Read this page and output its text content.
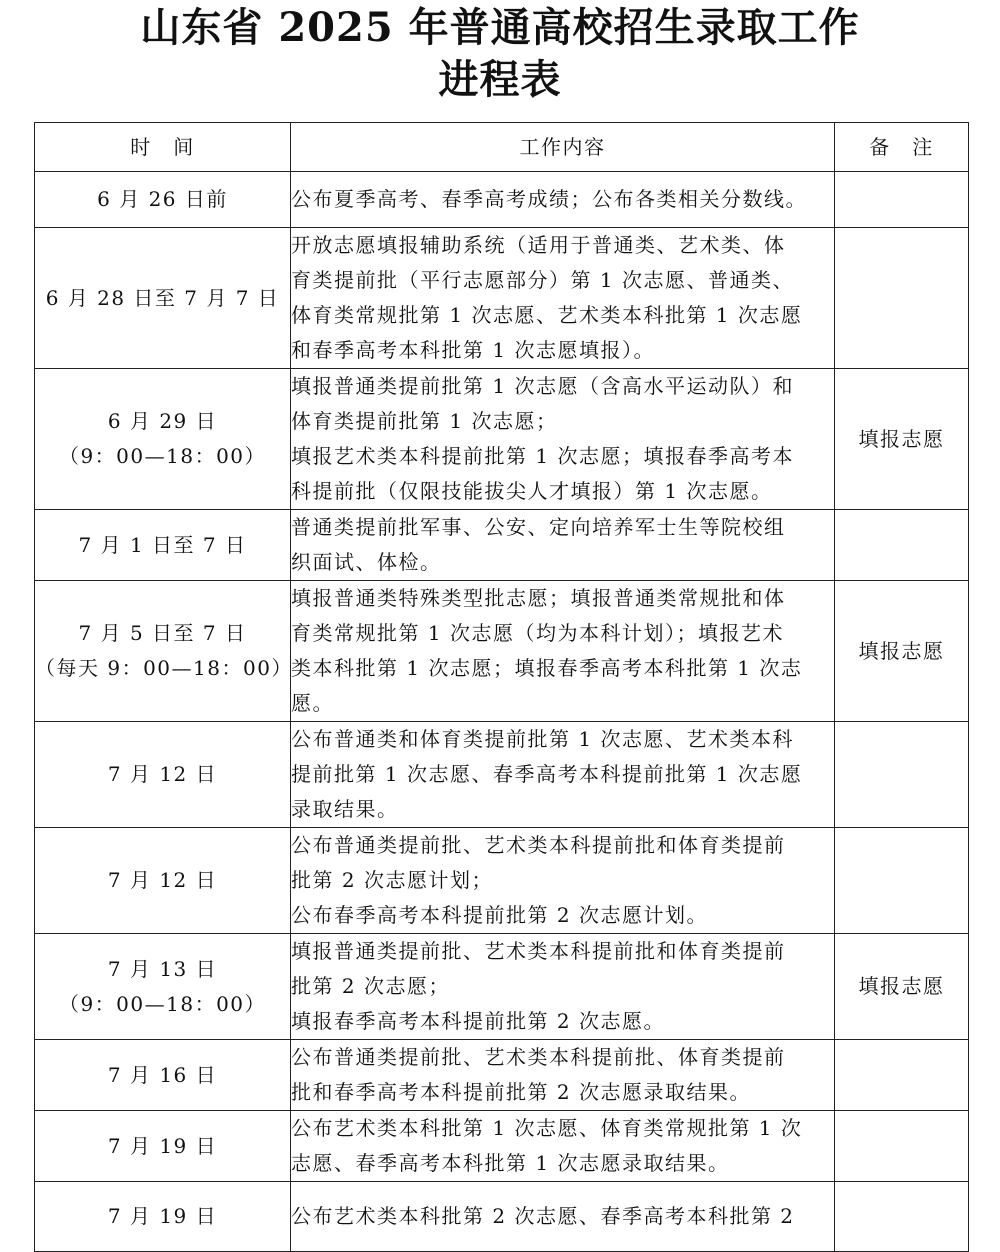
山东省 2025 年普通高校招生录取工作
进程表
时　间	工作内容	备　注

6 月 26 日前	公布夏季高考、春季高考成绩；公布各类相关分数线。	

6 月 28 日至 7 月 7 日	开放志愿填报辅助系统（适用于普通类、艺术类、体
育类提前批（平行志愿部分）第 1 次志愿、普通类、
体育类常规批第 1 次志愿、艺术类本科批第 1 次志愿
和春季高考本科批第 1 次志愿填报）。	

6 月 29 日
（9：00—18：00）	填报普通类提前批第 1 次志愿（含高水平运动队）和
体育类提前批第 1 次志愿；
填报艺术类本科提前批第 1 次志愿；填报春季高考本
科提前批（仅限技能拔尖人才填报）第 1 次志愿。	填报志愿

7 月 1 日至 7 日	普通类提前批军事、公安、定向培养军士生等院校组
织面试、体检。	

7 月 5 日至 7 日
（每天 9：00—18：00）	填报普通类特殊类型批志愿；填报普通类常规批和体
育类常规批第 1 次志愿（均为本科计划）；填报艺术
类本科批第 1 次志愿；填报春季高考本科批第 1 次志
愿。	填报志愿

7 月 12 日	公布普通类和体育类提前批第 1 次志愿、艺术类本科
提前批第 1 次志愿、春季高考本科提前批第 1 次志愿
录取结果。	

7 月 12 日	公布普通类提前批、艺术类本科提前批和体育类提前
批第 2 次志愿计划；
公布春季高考本科提前批第 2 次志愿计划。	

7 月 13 日
（9：00—18：00）	填报普通类提前批、艺术类本科提前批和体育类提前
批第 2 次志愿；
填报春季高考本科提前批第 2 次志愿。	填报志愿

7 月 16 日	公布普通类提前批、艺术类本科提前批、体育类提前
批和春季高考本科提前批第 2 次志愿录取结果。	

7 月 19 日	公布艺术类本科批第 1 次志愿、体育类常规批第 1 次
志愿、春季高考本科批第 1 次志愿录取结果。	

7 月 19 日	公布艺术类本科批第 2 次志愿、春季高考本科批第 2	
